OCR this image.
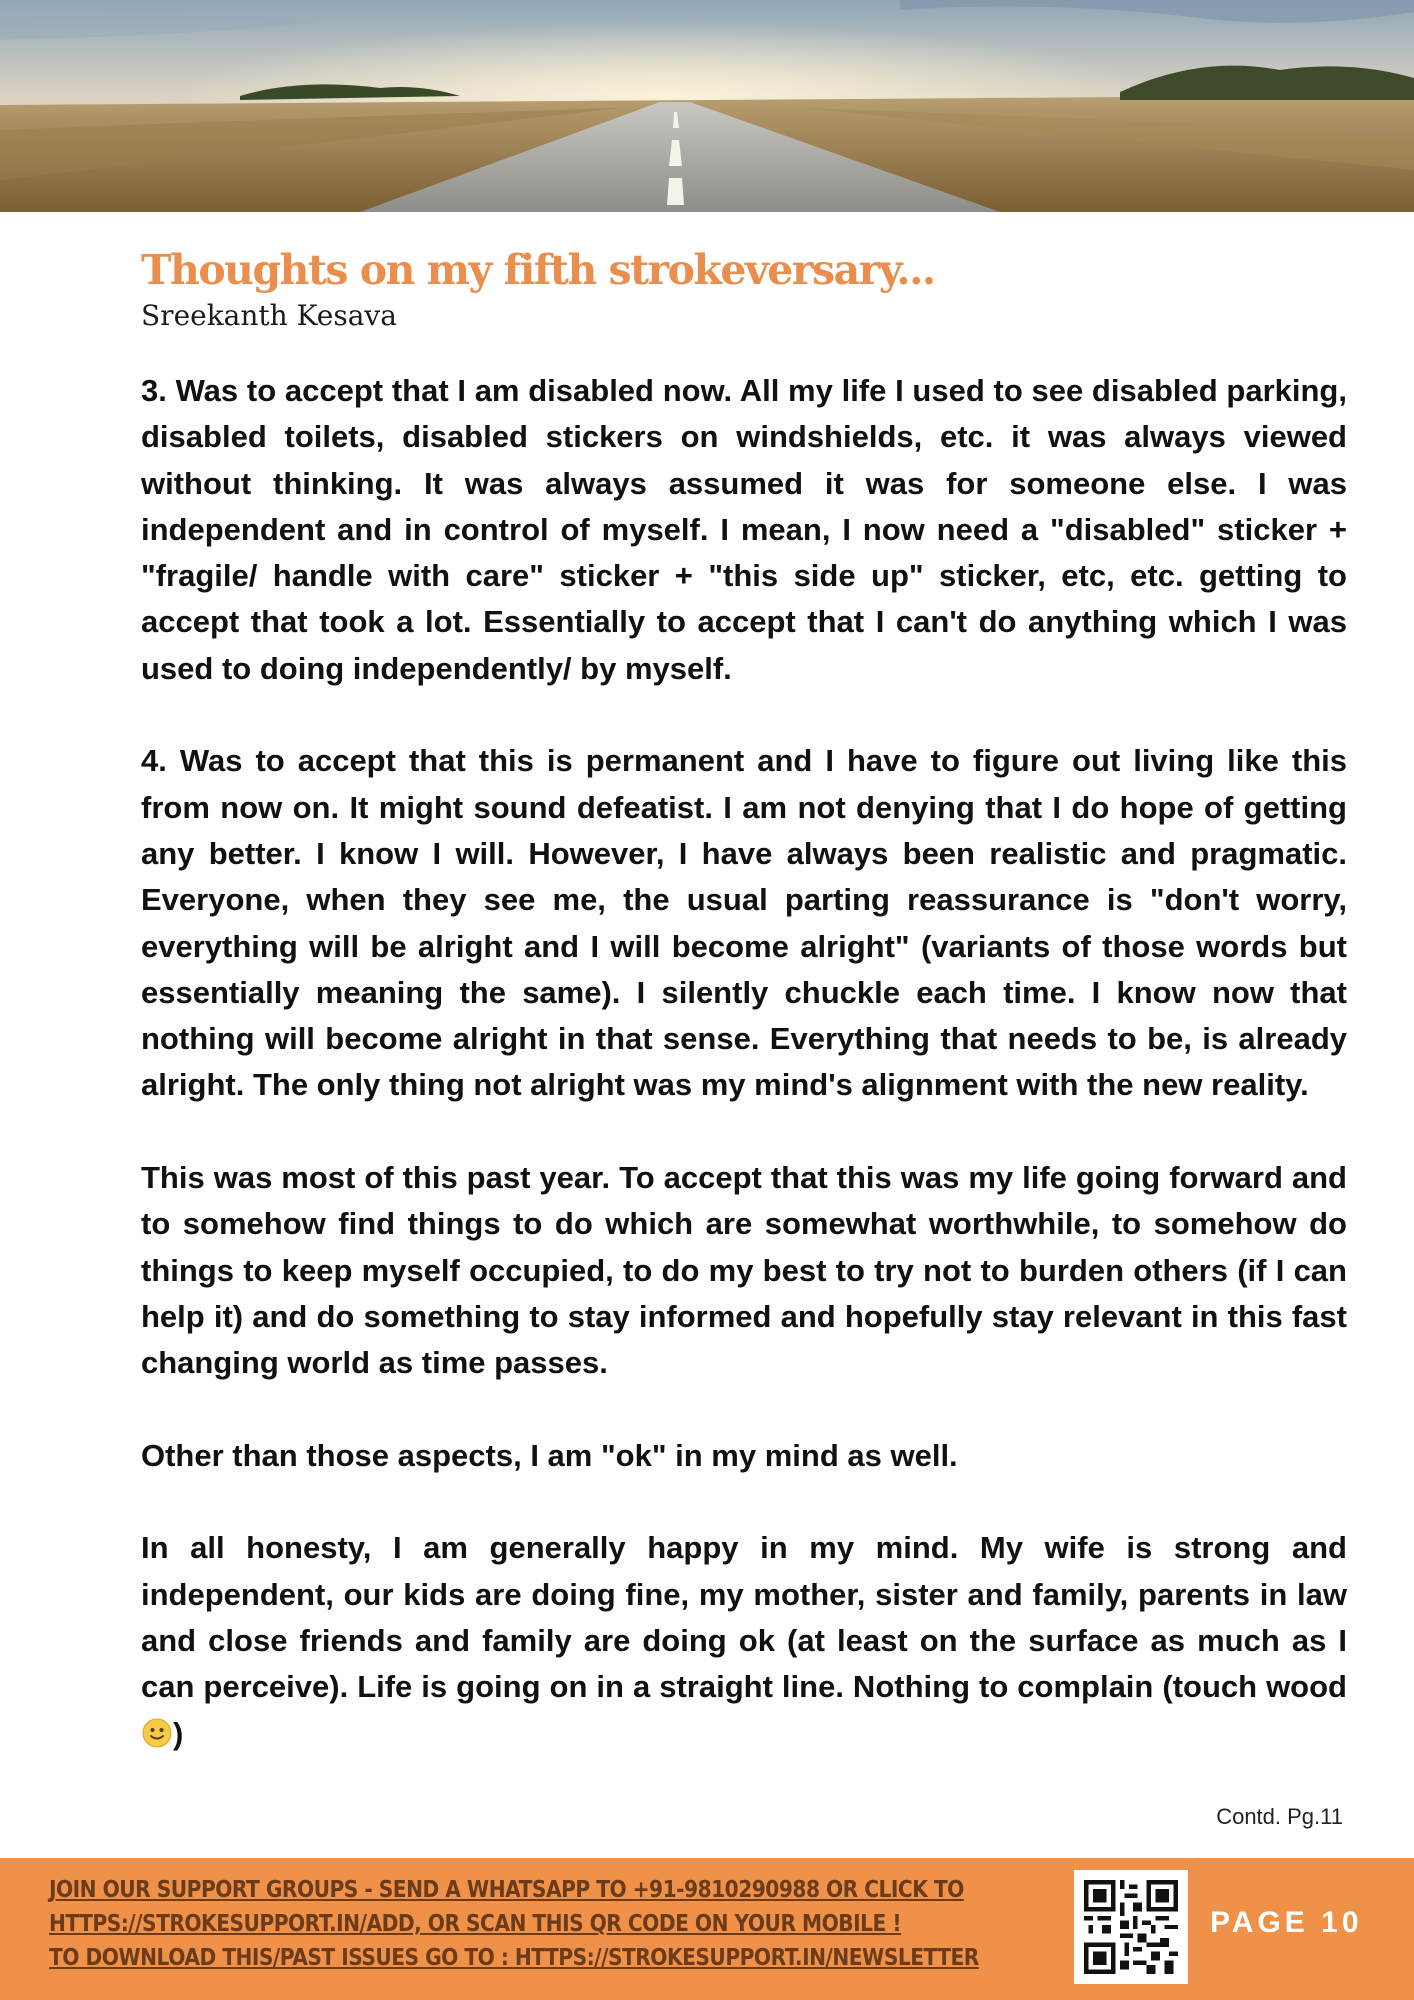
Thoughts on my fifth strokeversary...
Sreekanth Kesava

3. Was to accept that I am disabled now. All my life I used to see disabled parking, disabled toilets, disabled stickers on windshields, etc. it was always viewed without thinking. It was always assumed it was for someone else. I was independent and in control of myself. I mean, I now need a "disabled" sticker + "fragile/ handle with care" sticker + "this side up" sticker, etc, etc. getting to accept that took a lot. Essentially to accept that I can't do anything which I was used to doing independently/ by myself.

4. Was to accept that this is permanent and I have to figure out living like this from now on. It might sound defeatist. I am not denying that I do hope of getting any better. I know I will. However, I have always been realistic and pragmatic. Everyone, when they see me, the usual parting reassurance is "don't worry, everything will be alright and I will become alright" (variants of those words but essentially meaning the same). I silently chuckle each time. I know now that nothing will become alright in that sense. Everything that needs to be, is already alright. The only thing not alright was my mind's alignment with the new reality.

This was most of this past year. To accept that this was my life going forward and to somehow find things to do which are somewhat worthwhile, to somehow do things to keep myself occupied, to do my best to try not to burden others (if I can help it) and do something to stay informed and hopefully stay relevant in this fast changing world as time passes.

Other than those aspects, I am "ok" in my mind as well.

In all honesty, I am generally happy in my mind. My wife is strong and independent, our kids are doing fine, my mother, sister and family, parents in law and close friends and family are doing ok (at least on the surface as much as I can perceive). Life is going on in a straight line. Nothing to complain (touch wood )

Contd. Pg.11
JOIN OUR SUPPORT GROUPS - SEND A WHATSAPP TO +91-9810290988 OR CLICK TO
HTTPS://STROKESUPPORT.IN/ADD, OR SCAN THIS QR CODE ON YOUR MOBILE !
TO DOWNLOAD THIS/PAST ISSUES GO TO : HTTPS://STROKESUPPORT.IN/NEWSLETTER
PAGE 10
